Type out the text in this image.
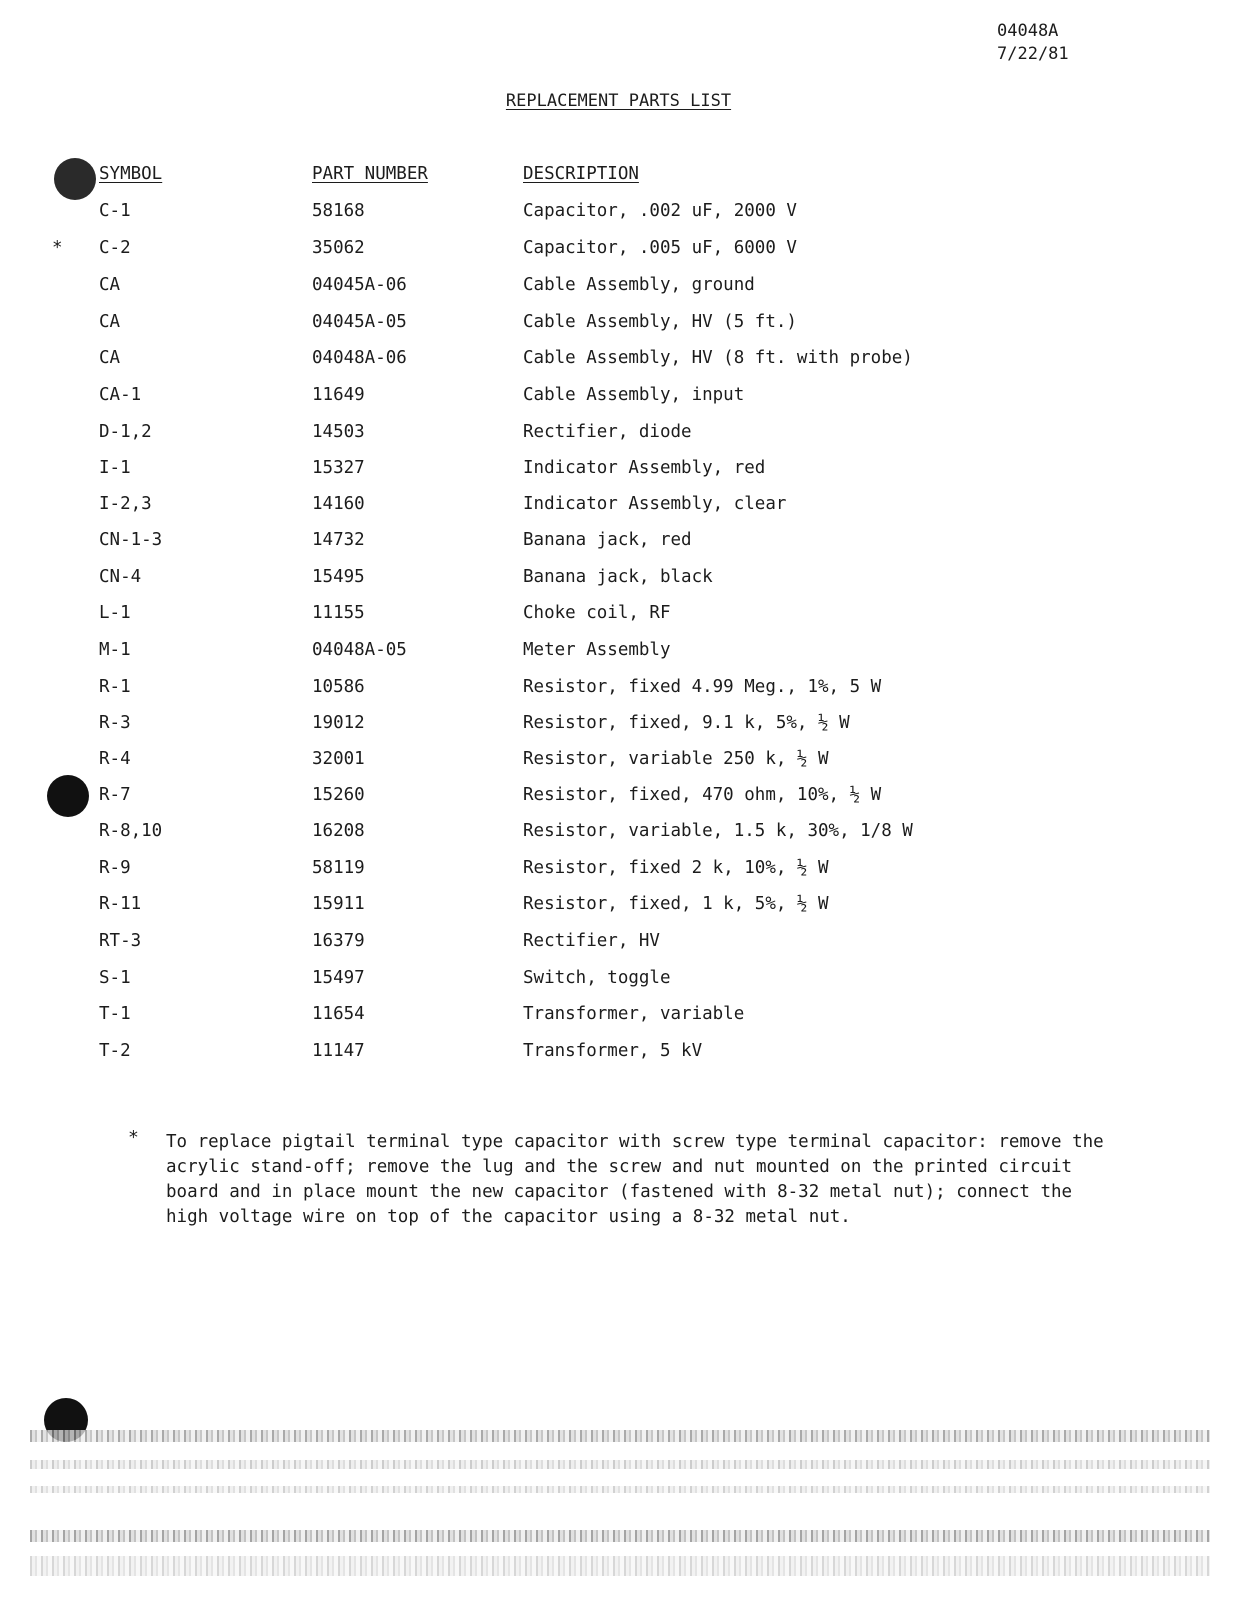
04048A
7/22/81
REPLACEMENT PARTS LIST
SYMBOL	PART NUMBER	DESCRIPTION
C-1	58168	Capacitor, .002 uF, 2000 V
* C-2	35062	Capacitor, .005 uF, 6000 V
CA	04045A-06	Cable Assembly, ground
CA	04045A-05	Cable Assembly, HV (5 ft.)
CA	04048A-06	Cable Assembly, HV (8 ft. with probe)
CA-1	11649	Cable Assembly, input
D-1,2	14503	Rectifier, diode
I-1	15327	Indicator Assembly, red
I-2,3	14160	Indicator Assembly, clear
CN-1-3	14732	Banana jack, red
CN-4	15495	Banana jack, black
L-1	11155	Choke coil, RF
M-1	04048A-05	Meter Assembly
R-1	10586	Resistor, fixed 4.99 Meg., 1%, 5 W
R-3	19012	Resistor, fixed, 9.1 k, 5%, ½ W
R-4	32001	Resistor, variable 250 k, ½ W
R-7	15260	Resistor, fixed, 470 ohm, 10%, ½ W
R-8,10	16208	Resistor, variable, 1.5 k, 30%, 1/8 W
R-9	58119	Resistor, fixed 2 k, 10%, ½ W
R-11	15911	Resistor, fixed, 1 k, 5%, ½ W
RT-3	16379	Rectifier, HV
S-1	15497	Switch, toggle
T-1	11654	Transformer, variable
T-2	11147	Transformer, 5 kV
* To replace pigtail terminal type capacitor with screw type terminal capacitor: remove the acrylic stand-off; remove the lug and the screw and nut mounted on the printed circuit board and in place mount the new capacitor (fastened with 8-32 metal nut); connect the high voltage wire on top of the capacitor using a 8-32 metal nut.
